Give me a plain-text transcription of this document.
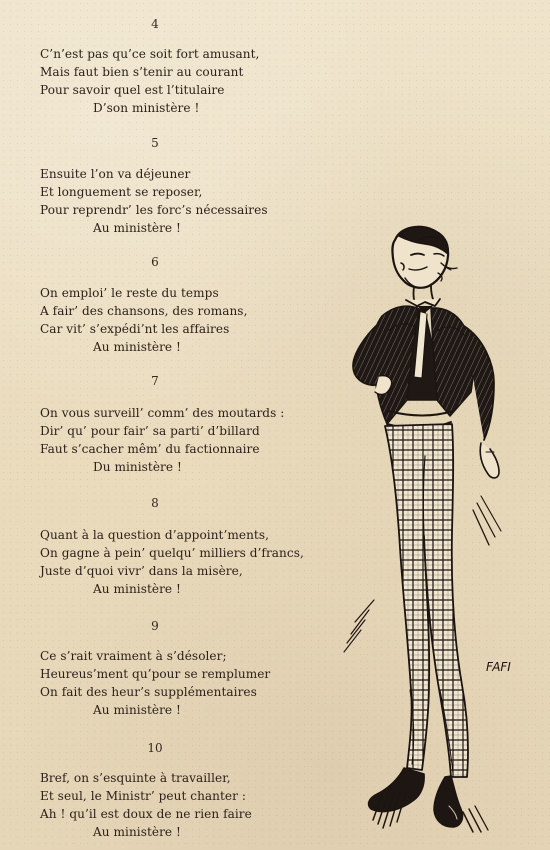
4
C’n’est pas qu’ce soit fort amusant,
Mais faut bien s’tenir au courant
Pour savoir quel est l’titulaire
D’son ministère !
5
Ensuite l’on va déjeuner
Et longuement se reposer,
Pour reprendr’ les forc’s nécessaires
Au ministère !
6
On emploi’ le reste du temps
A fair’ des chansons, des romans,
Car vit’ s’expédi’nt les affaires
Au ministère !
7
On vous surveill’ comm’ des moutards :
Dir’ qu’ pour fair’ sa parti’ d’billard
Faut s’cacher mêm’ du factionnaire
Du ministère !
8
Quant à la question d’appoint’ments,
On gagne à pein’ quelqu’ milliers d’francs,
Juste d’quoi vivr’ dans la misère,
Au ministère !
9
Ce s’rait vraiment à s’désoler;
Heureus’ment qu’pour se remplumer
On fait des heur’s supplémentaires
Au ministère !
10
Bref, on s’esquinte à travailler,
Et seul, le Ministr’ peut chanter :
Ah ! qu’il est doux de ne rien faire
Au ministère !
FAFI
